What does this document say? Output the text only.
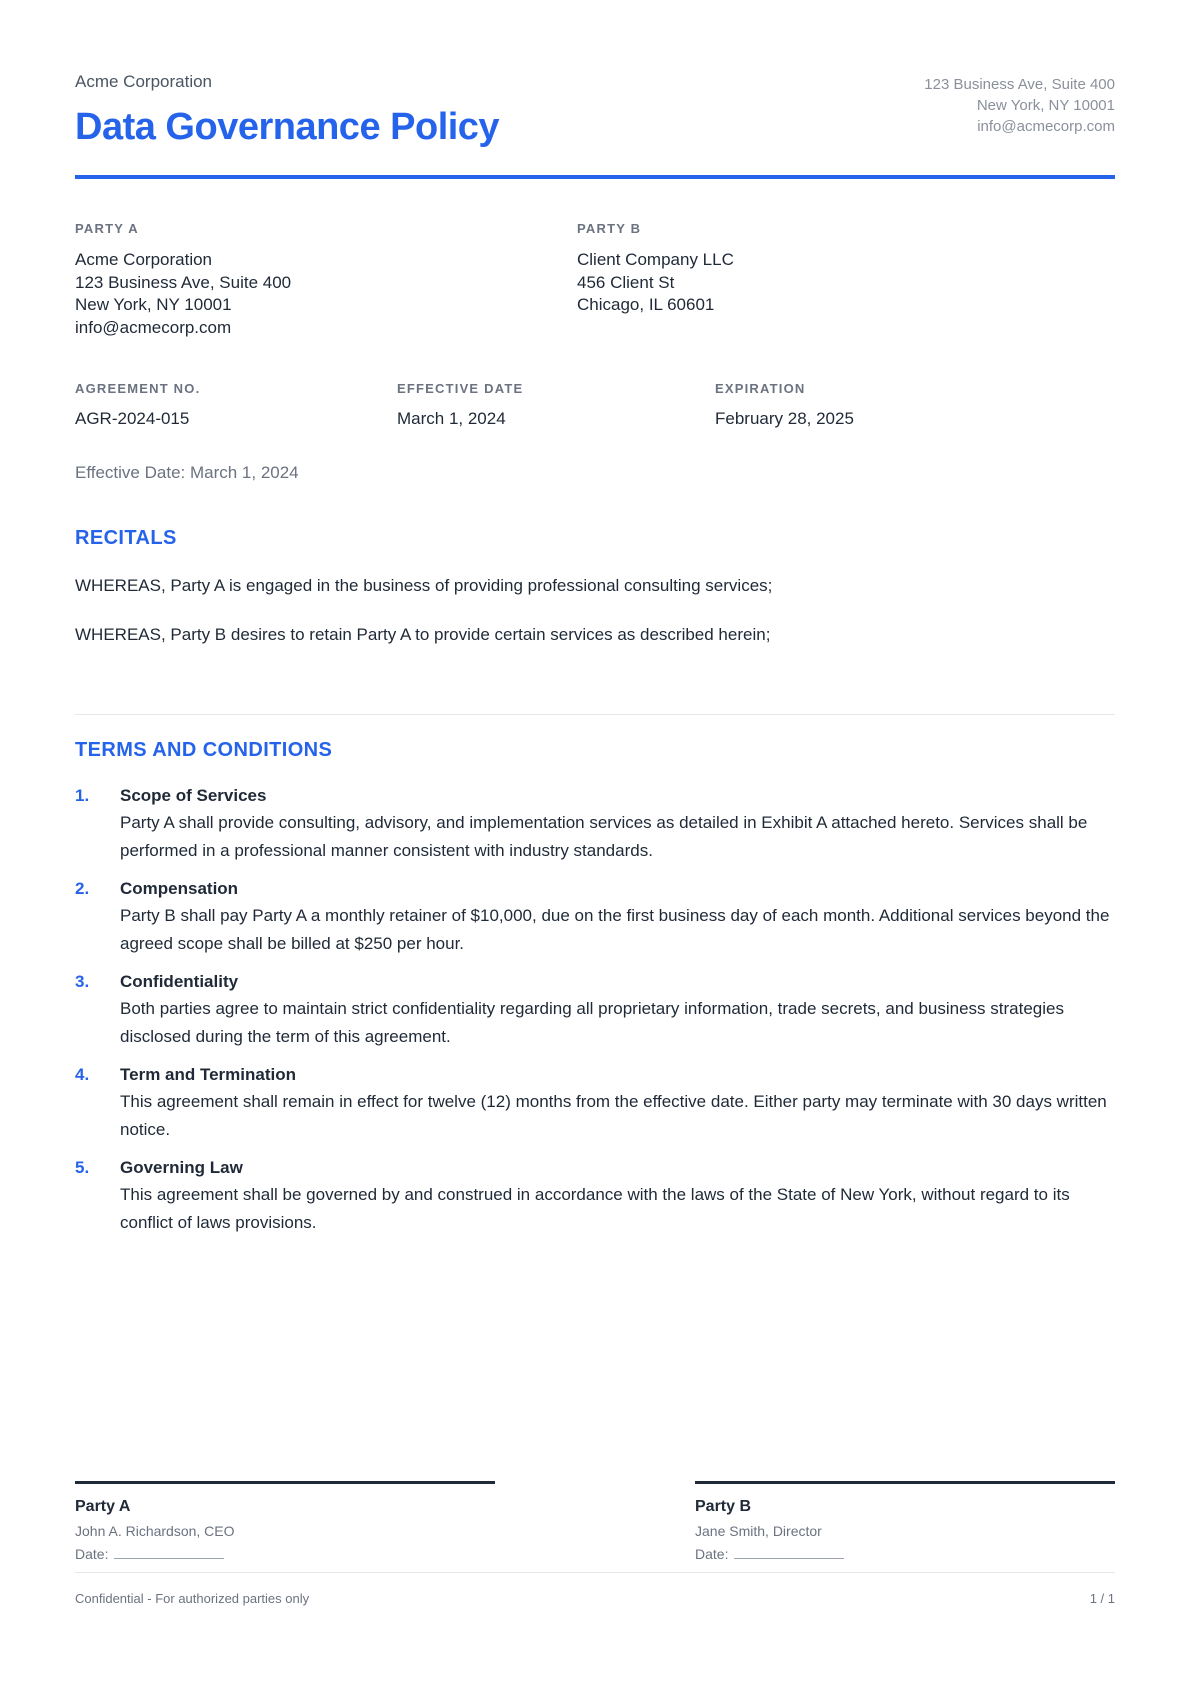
Acme Corporation
Data Governance Policy
123 Business Ave, Suite 400
New York, NY 10001
info@acmecorp.com
PARTY A
Acme Corporation
123 Business Ave, Suite 400
New York, NY 10001
info@acmecorp.com
PARTY B
Client Company LLC
456 Client St
Chicago, IL 60601
AGREEMENT NO.
AGR-2024-015
EFFECTIVE DATE
March 1, 2024
EXPIRATION
February 28, 2025
Effective Date: March 1, 2024
RECITALS

WHEREAS, Party A is engaged in the business of providing professional consulting services;

WHEREAS, Party B desires to retain Party A to provide certain services as described herein;

TERMS AND CONDITIONS
1.	Scope of Services
Party A shall provide consulting, advisory, and implementation services as detailed in Exhibit A attached hereto. Services shall be performed in a professional manner consistent with industry standards.
2.	Compensation
Party B shall pay Party A a monthly retainer of $10,000, due on the first business day of each month. Additional services beyond the agreed scope shall be billed at $250 per hour.
3.	Confidentiality
Both parties agree to maintain strict confidentiality regarding all proprietary information, trade secrets, and business strategies disclosed during the term of this agreement.
4.	Term and Termination
This agreement shall remain in effect for twelve (12) months from the effective date. Either party may terminate with 30 days written notice.
5.	Governing Law
This agreement shall be governed by and construed in accordance with the laws of the State of New York, without regard to its conflict of laws provisions.
Party A
John A. Richardson, CEO
Date:
Party B
Jane Smith, Director
Date:
Confidential - For authorized parties only	1 / 1
